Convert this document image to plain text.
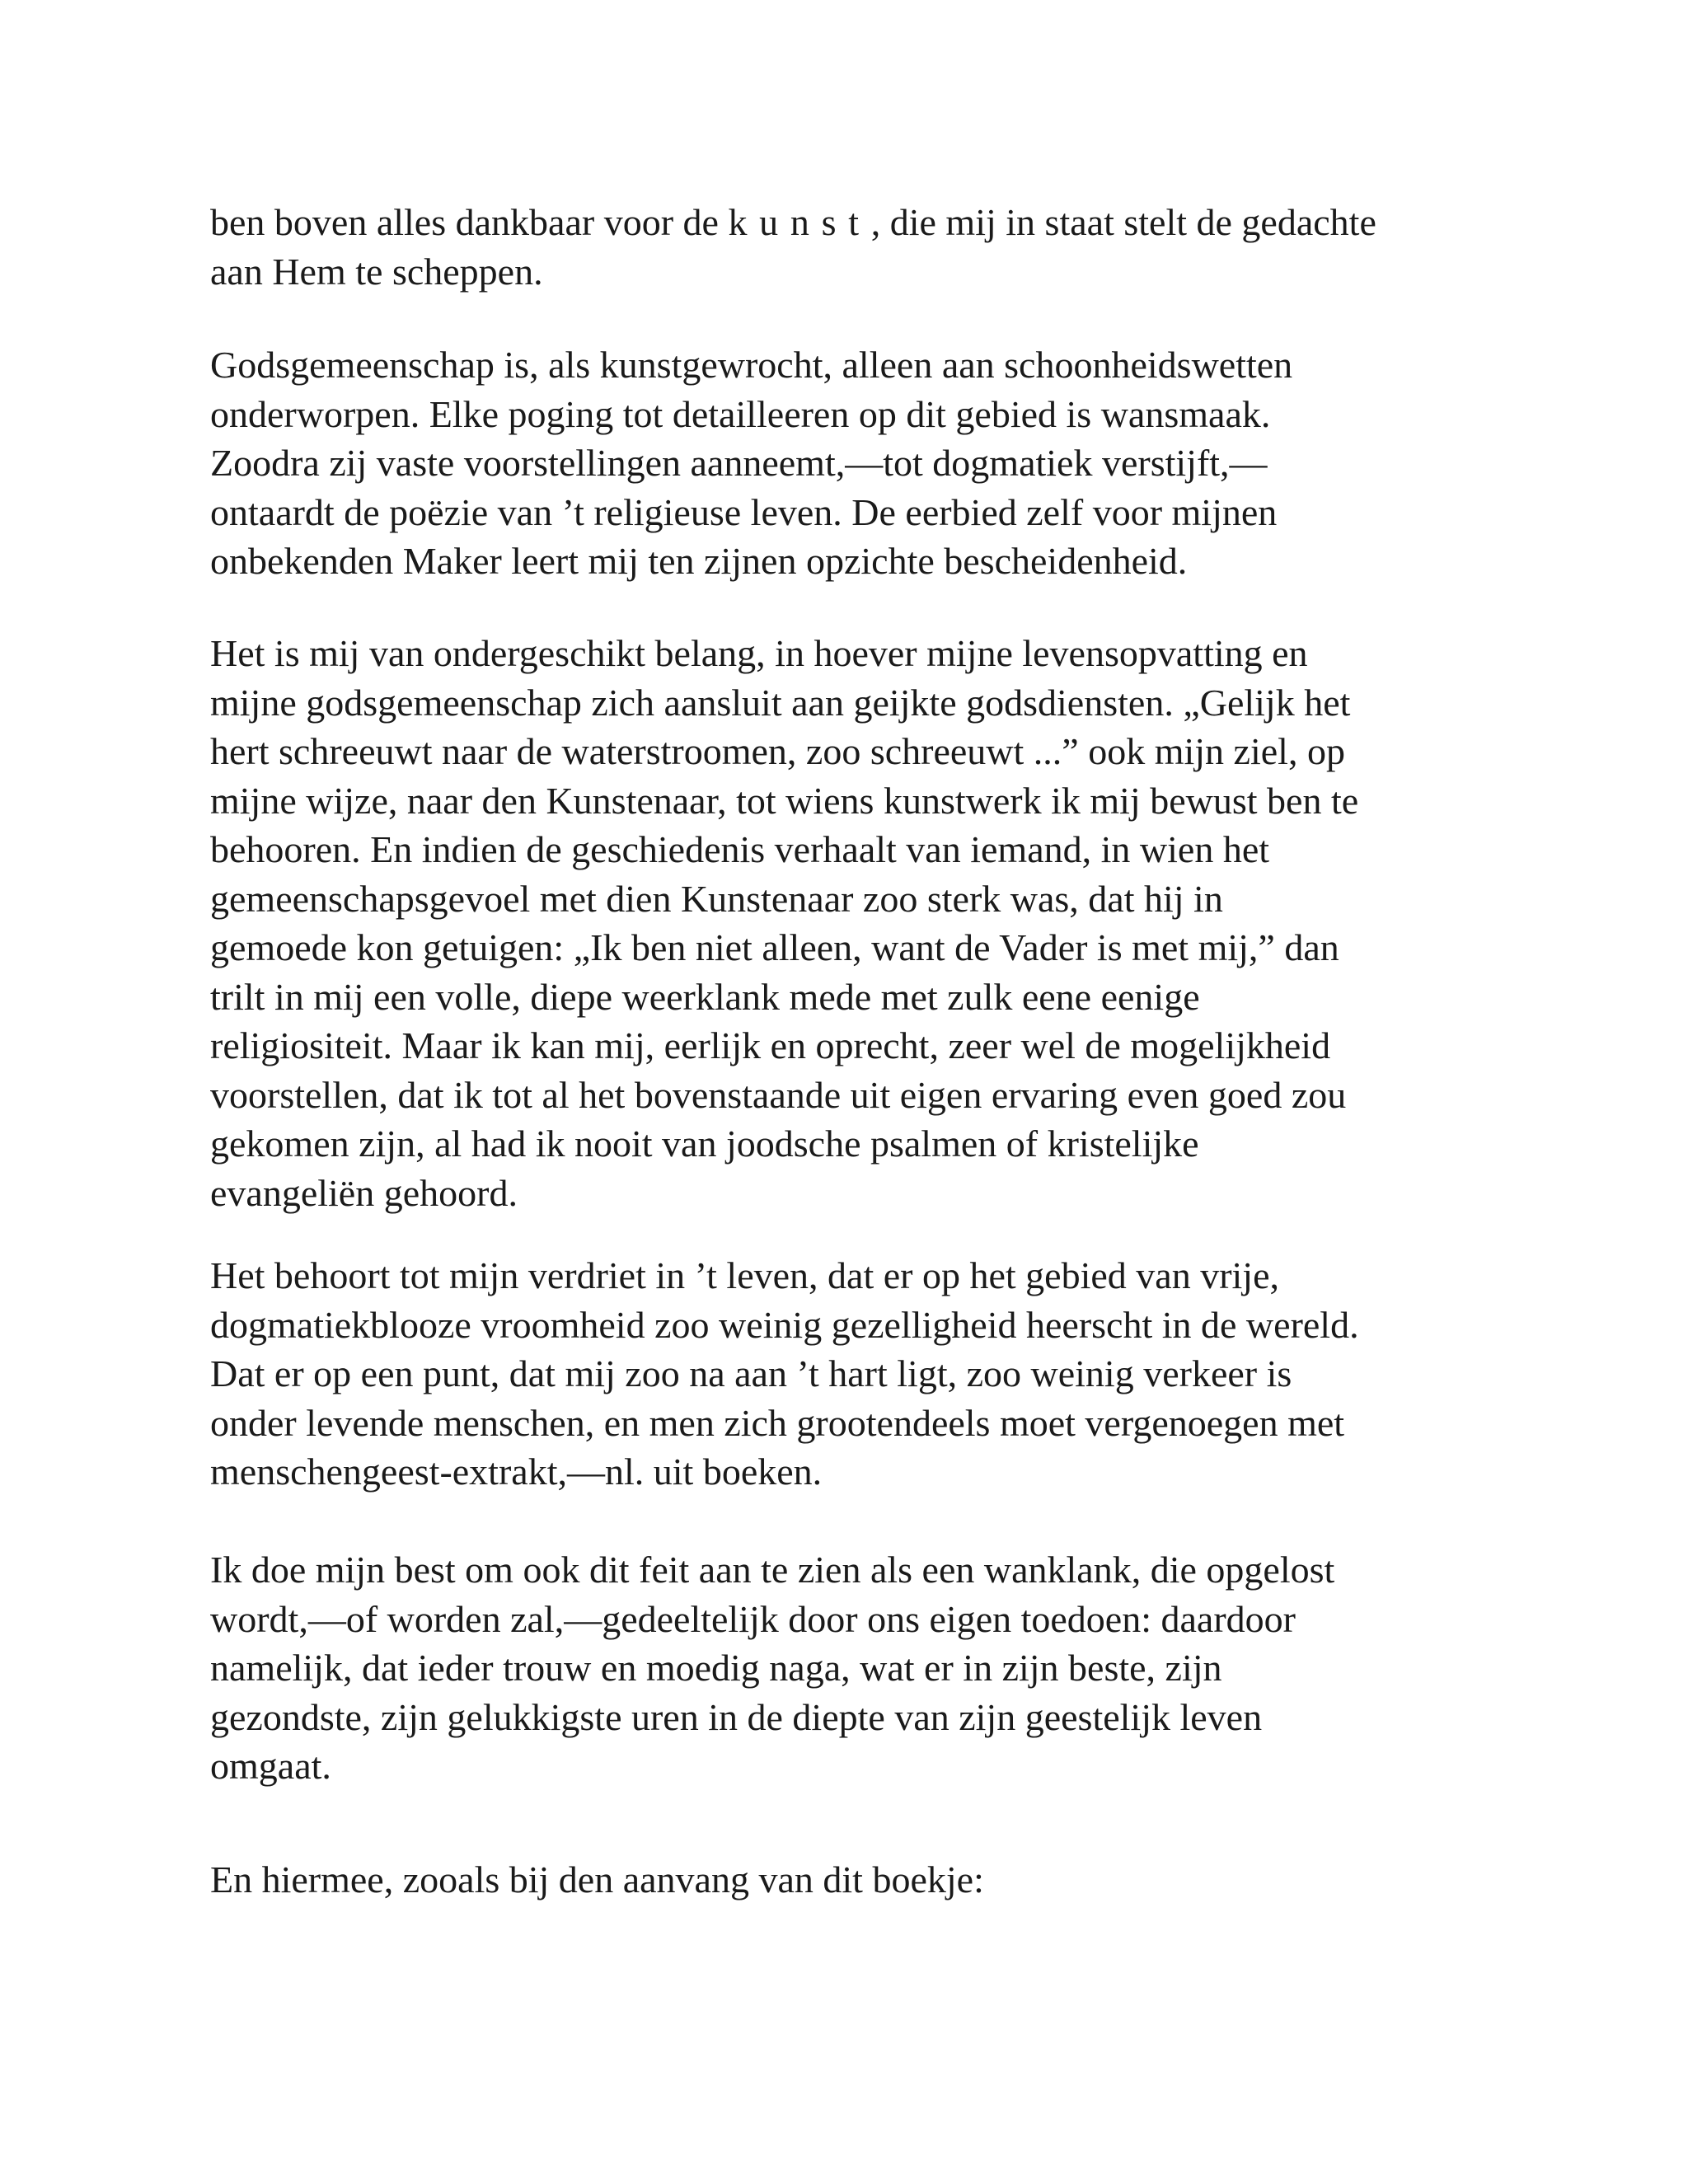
ben boven alles dankbaar voor de kunst, die mij in staat stelt de gedachte

aan Hem te scheppen.

Godsgemeenschap is, als kunstgewrocht, alleen aan schoonheidswetten

onderworpen. Elke poging tot detailleeren op dit gebied is wansmaak.

Zoodra zij vaste voorstellingen aanneemt,—tot dogmatiek verstijft,—

ontaardt de poëzie van ’t religieuse leven. De eerbied zelf voor mijnen

onbekenden Maker leert mij ten zijnen opzichte bescheidenheid.

Het is mij van ondergeschikt belang, in hoever mijne levensopvatting en

mijne godsgemeenschap zich aansluit aan geijkte godsdiensten. „Gelijk het

hert schreeuwt naar de waterstroomen, zoo schreeuwt ...” ook mijn ziel, op

mijne wijze, naar den Kunstenaar, tot wiens kunstwerk ik mij bewust ben te

behooren. En indien de geschiedenis verhaalt van iemand, in wien het

gemeenschapsgevoel met dien Kunstenaar zoo sterk was, dat hij in

gemoede kon getuigen: „Ik ben niet alleen, want de Vader is met mij,” dan

trilt in mij een volle, diepe weerklank mede met zulk eene eenige

religiositeit. Maar ik kan mij, eerlijk en oprecht, zeer wel de mogelijkheid

voorstellen, dat ik tot al het bovenstaande uit eigen ervaring even goed zou

gekomen zijn, al had ik nooit van joodsche psalmen of kristelijke

evangeliën gehoord.

Het behoort tot mijn verdriet in ’t leven, dat er op het gebied van vrije,

dogmatiekblooze vroomheid zoo weinig gezelligheid heerscht in de wereld.

Dat er op een punt, dat mij zoo na aan ’t hart ligt, zoo weinig verkeer is

onder levende menschen, en men zich grootendeels moet vergenoegen met

menschengeest-extrakt,—nl. uit boeken.

Ik doe mijn best om ook dit feit aan te zien als een wanklank, die opgelost

wordt,—of worden zal,—gedeeltelijk door ons eigen toedoen: daardoor

namelijk, dat ieder trouw en moedig naga, wat er in zijn beste, zijn

gezondste, zijn gelukkigste uren in de diepte van zijn geestelijk leven

omgaat.

En hiermee, zooals bij den aanvang van dit boekje:
